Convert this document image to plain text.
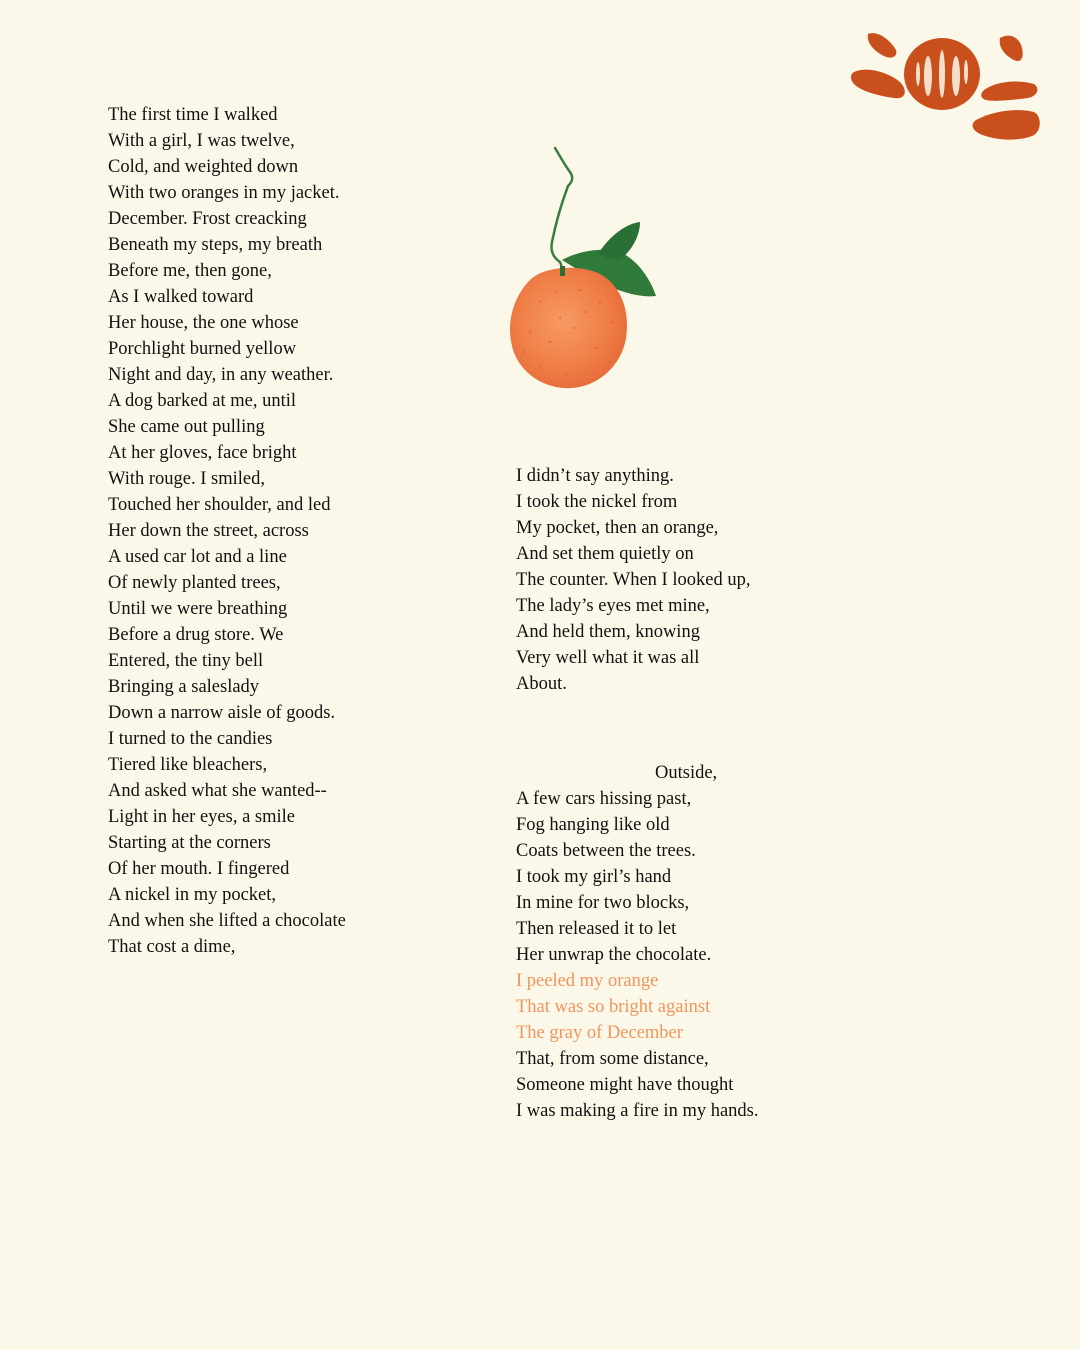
The first time I walked
With a girl, I was twelve,
Cold, and weighted down
With two oranges in my jacket.
December. Frost creacking
Beneath my steps, my breath
Before me, then gone,
As I walked toward
Her house, the one whose
Porchlight burned yellow
Night and day, in any weather.
A dog barked at me, until
She came out pulling
At her gloves, face bright
With rouge. I smiled,
Touched her shoulder, and led
Her down the street, across
A used car lot and a line
Of newly planted trees,
Until we were breathing
Before a drug store. We
Entered, the tiny bell
Bringing a saleslady
Down a narrow aisle of goods.
I turned to the candies
Tiered like bleachers,
And asked what she wanted--
Light in her eyes, a smile
Starting at the corners
Of her mouth. I fingered
A nickel in my pocket,
And when she lifted a chocolate
That cost a dime,
I didn’t say anything.
I took the nickel from
My pocket, then an orange,
And set them quietly on
The counter. When I looked up,
The lady’s eyes met mine,
And held them, knowing
Very well what it was all
About.
Outside,
A few cars hissing past,
Fog hanging like old
Coats between the trees.
I took my girl’s hand
In mine for two blocks,
Then released it to let
Her unwrap the chocolate.
I peeled my orange
That was so bright against
The gray of December
That, from some distance,
Someone might have thought
I was making a fire in my hands.
